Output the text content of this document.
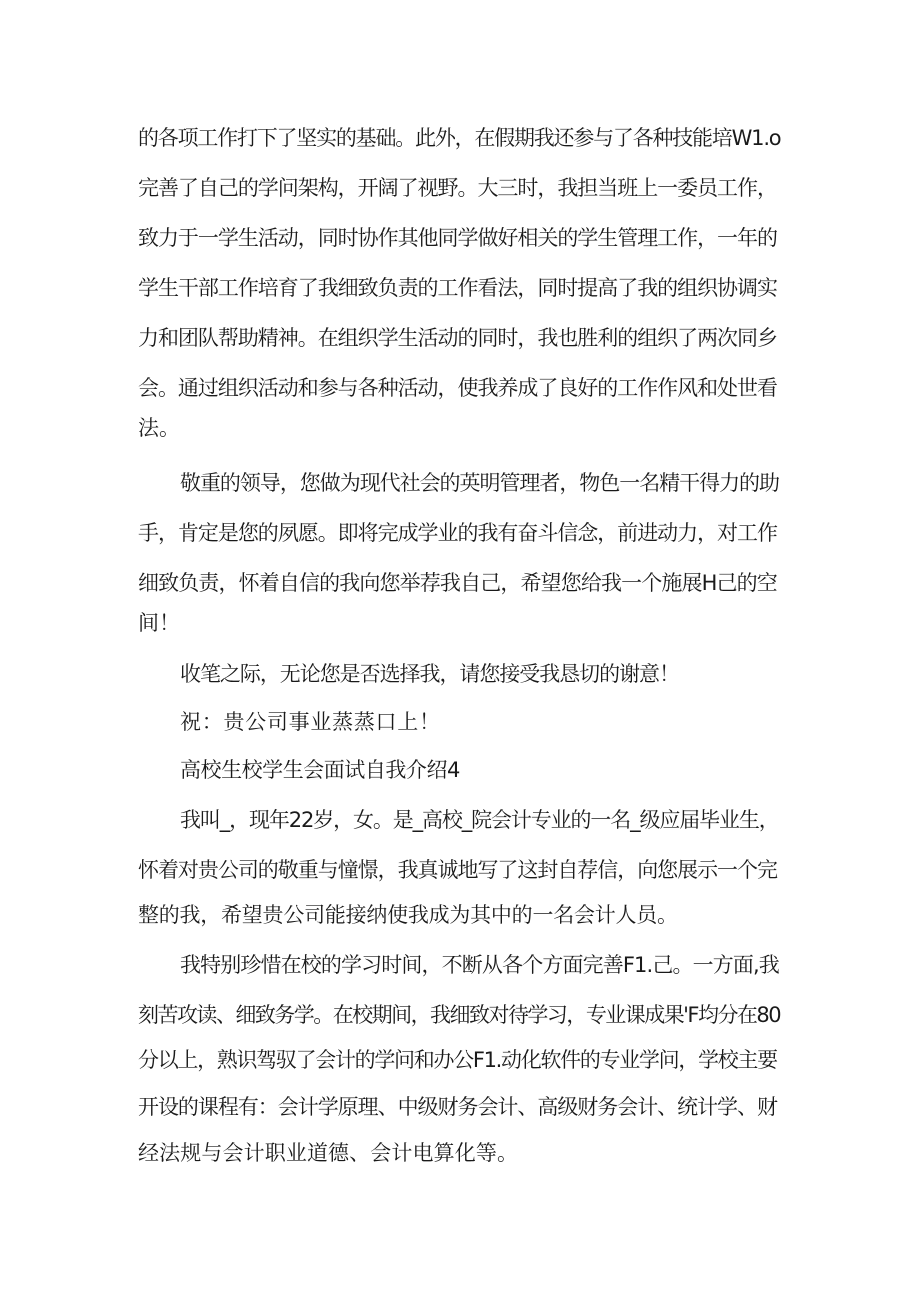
的各项工作打下了坚实的基础。此外，在假期我还参与了各种技能培W1.o
完善了自己的学问架构，开阔了视野。大三时，我担当班上一委员工作，
致力于一学生活动，同时协作其他同学做好相关的学生管理工作，一年的
学生干部工作培育了我细致负责的工作看法，同时提高了我的组织协调实
力和团队帮助精神。在组织学生活动的同时，我也胜利的组织了两次同乡
会。通过组织活动和参与各种活动，使我养成了良好的工作作风和处世看
法。
敬重的领导，您做为现代社会的英明管理者，物色一名精干得力的助
手，肯定是您的夙愿。即将完成学业的我有奋斗信念，前进动力，对工作
细致负责，怀着自信的我向您举荐我自己，希望您给我一个施展H己的空
间！
收笔之际，无论您是否选择我，请您接受我恳切的谢意！
祝：贵公司事业蒸蒸口上！
高校生校学生会面试自我介绍4
我叫_，现年22岁，女。是_高校_院会计专业的一名_级应届毕业生，
怀着对贵公司的敬重与憧憬，我真诚地写了这封自荐信，向您展示一个完
整的我，希望贵公司能接纳使我成为其中的一名会计人员。
我特别珍惜在校的学习时间，不断从各个方面完善F1.己。一方面,我
刻苦攻读、细致务学。在校期间，我细致对待学习，专业课成果'F均分在80
分以上，熟识驾驭了会计的学问和办公F1.动化软件的专业学问，学校主要
开设的课程有：会计学原理、中级财务会计、高级财务会计、统计学、财
经法规与会计职业道德、会计电算化等。
